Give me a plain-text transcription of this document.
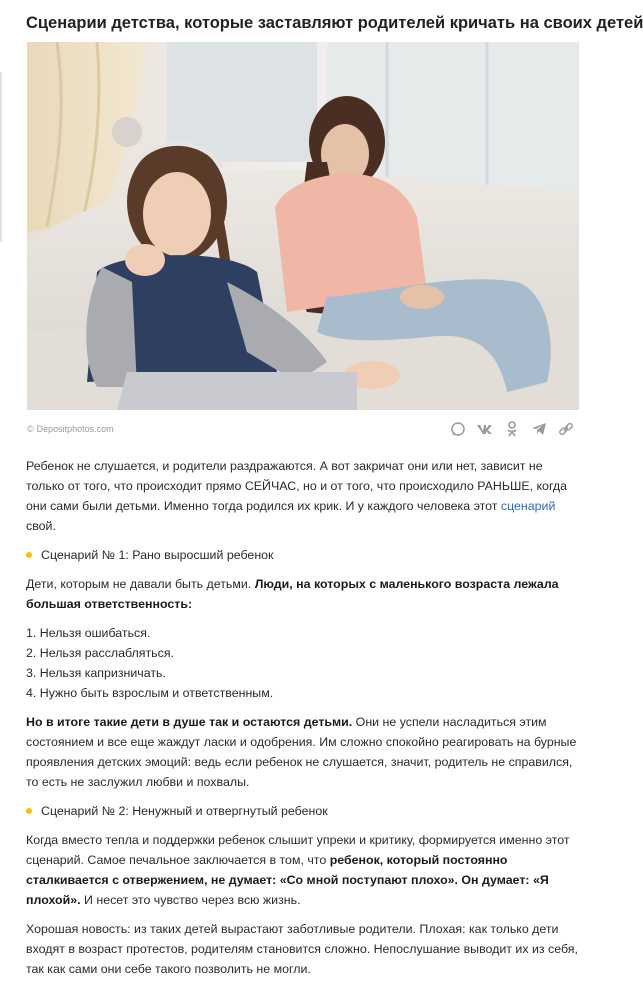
Сценарии детства, которые заставляют родителей кричать на своих детей
© Depositphotos.com

Ребенок не слушается, и родители раздражаются. А вот закричат они или нет, зависит не только от того, что происходит прямо СЕЙЧАС, но и от того, что происходило РАНЬШЕ, когда они сами были детьми. Именно тогда родился их крик. И у каждого человека этот сценарий свой.

Сценарий № 1: Рано выросший ребенок

Дети, которым не давали быть детьми. Люди, на которых с маленького возраста лежала большая ответственность:

1. Нельзя ошибаться.
2. Нельзя расслабляться.
3. Нельзя капризничать.
4. Нужно быть взрослым и ответственным.

Но в итоге такие дети в душе так и остаются детьми. Они не успели насладиться этим состоянием и все еще жаждут ласки и одобрения. Им сложно спокойно реагировать на бурные проявления детских эмоций: ведь если ребенок не слушается, значит, родитель не справился, то есть не заслужил любви и похвалы.

Сценарий № 2: Ненужный и отвергнутый ребенок

Когда вместо тепла и поддержки ребенок слышит упреки и критику, формируется именно этот сценарий. Самое печальное заключается в том, что ребенок, который постоянно сталкивается с отвержением, не думает: «Со мной поступают плохо». Он думает: «Я плохой». И несет это чувство через всю жизнь.

Хорошая новость: из таких детей вырастают заботливые родители. Плохая: как только дети входят в возраст протестов, родителям становится сложно. Непослушание выводит их из себя, так как сами они себе такого позволить не могли.
